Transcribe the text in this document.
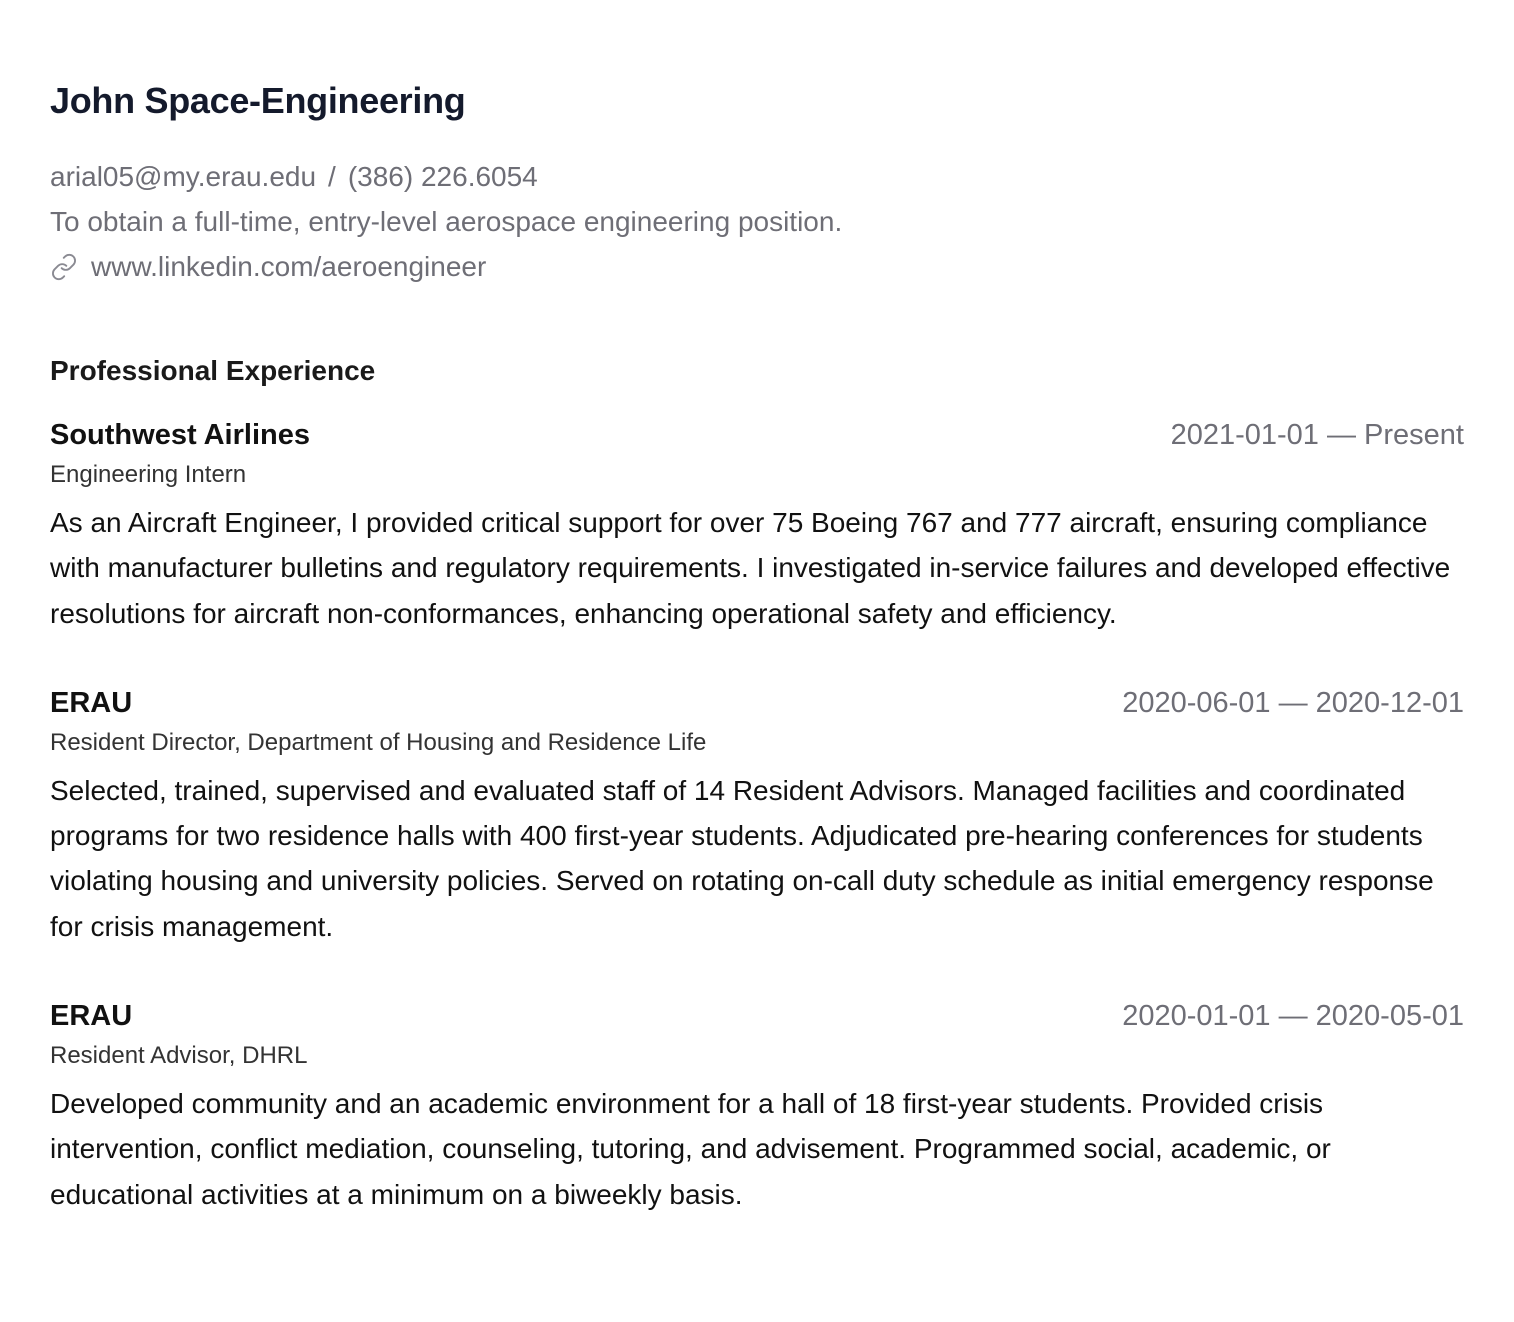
John Space-Engineering

arial05@my.erau.edu / (386) 226.6054

To obtain a full-time, entry-level aerospace engineering position.

www.linkedin.com/aeroengineer

Professional Experience
Southwest Airlines	2021-01-01 — Present
Engineering Intern

As an Aircraft Engineer, I provided critical support for over 75 Boeing 767 and 777 aircraft, ensuring compliance with manufacturer bulletins and regulatory requirements. I investigated in-service failures and developed effective resolutions for aircraft non-conformances, enhancing operational safety and efficiency.

ERAU	2020-06-01 — 2020-12-01
Resident Director, Department of Housing and Residence Life

Selected, trained, supervised and evaluated staff of 14 Resident Advisors. Managed facilities and coordinated programs for two residence halls with 400 first-year students. Adjudicated pre-hearing conferences for students violating housing and university policies. Served on rotating on-call duty schedule as initial emergency response for crisis management.

ERAU	2020-01-01 — 2020-05-01
Resident Advisor, DHRL

Developed community and an academic environment for a hall of 18 first-year students. Provided crisis intervention, conflict mediation, counseling, tutoring, and advisement. Programmed social, academic, or educational activities at a minimum on a biweekly basis.
